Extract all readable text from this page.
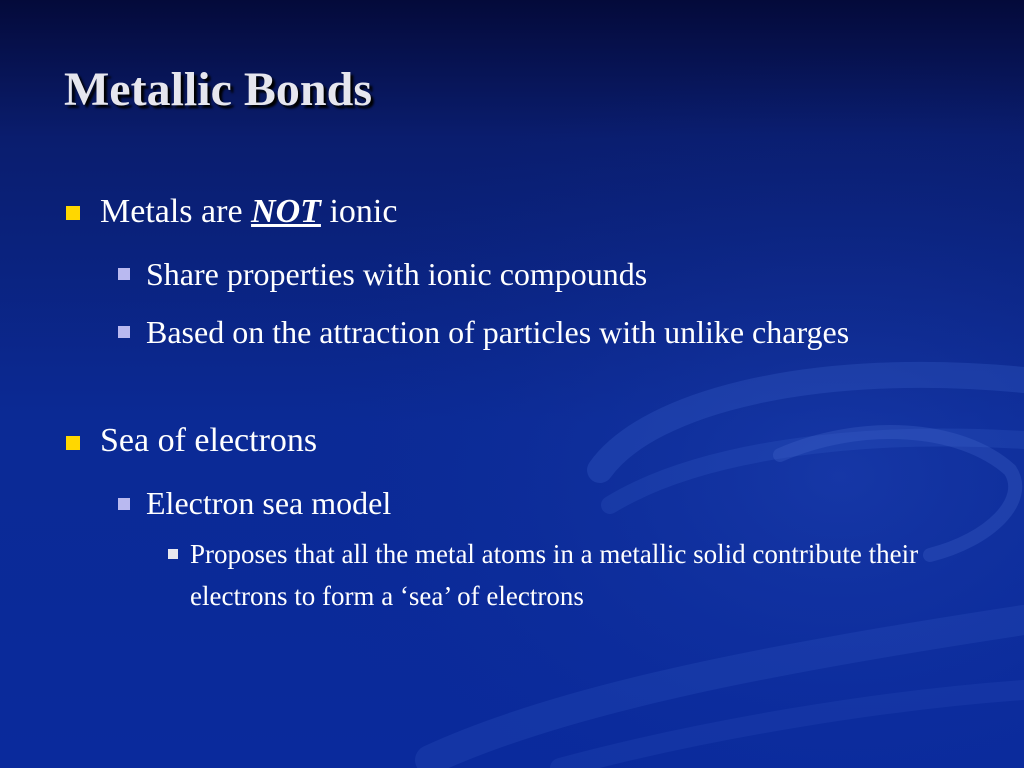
Metallic Bonds
Metals are NOT ionic
Share properties with ionic compounds
Based on the attraction of particles with unlike charges
Sea of electrons
Electron sea model
Proposes that all the metal atoms in a metallic solid contribute their electrons to form a ‘sea’ of electrons
